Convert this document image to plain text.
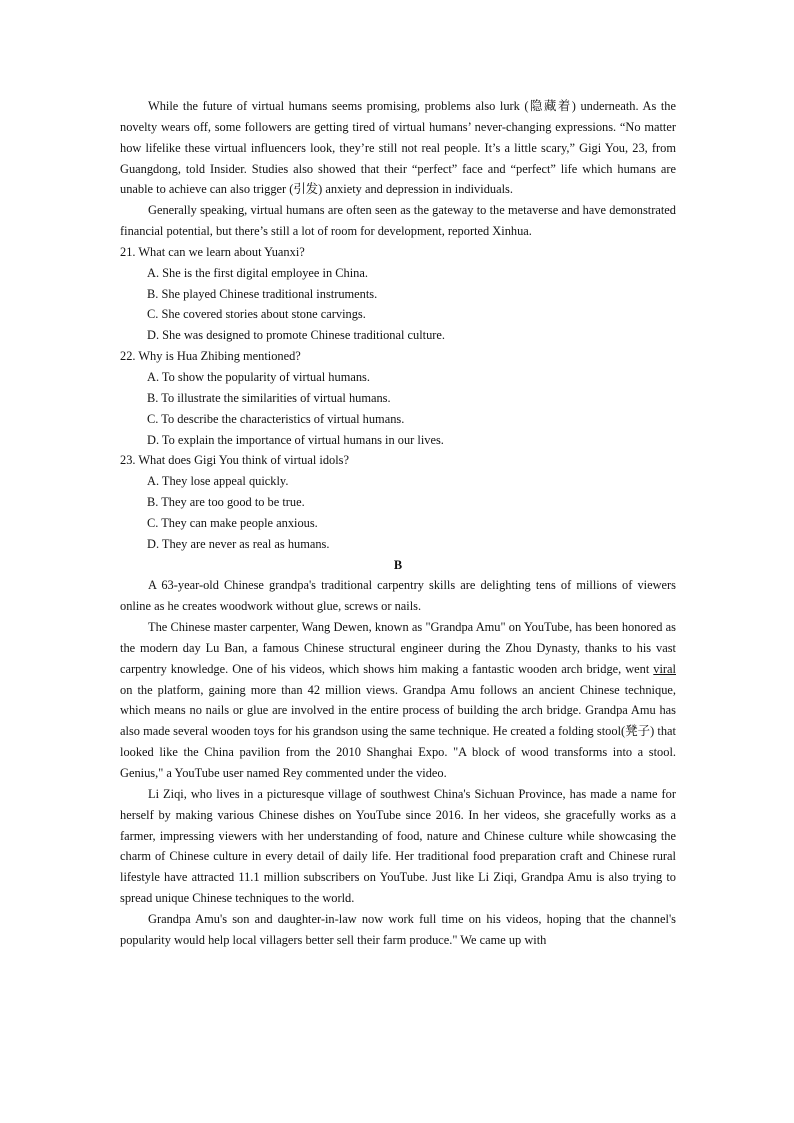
While the future of virtual humans seems promising, problems also lurk (隐藏着) underneath. As the novelty wears off, some followers are getting tired of virtual humans’ never-changing expressions. “No matter how lifelike these virtual influencers look, they’re still not real people. It’s a little scary,” Gigi You, 23, from Guangdong, told Insider. Studies also showed that their “perfect” face and “perfect” life which humans are unable to achieve can also trigger (引发) anxiety and depression in individuals.

Generally speaking, virtual humans are often seen as the gateway to the metaverse and have demonstrated financial potential, but there’s still a lot of room for development, reported Xinhua.

21. What can we learn about Yuanxi?

A. She is the first digital employee in China.

B. She played Chinese traditional instruments.

C. She covered stories about stone carvings.

D. She was designed to promote Chinese traditional culture.

22. Why is Hua Zhibing mentioned?

A. To show the popularity of virtual humans.

B. To illustrate the similarities of virtual humans.

C. To describe the characteristics of virtual humans.

D. To explain the importance of virtual humans in our lives.

23. What does Gigi You think of virtual idols?

A. They lose appeal quickly.

B. They are too good to be true.

C. They can make people anxious.

D. They are never as real as humans.

B

A 63-year-old Chinese grandpa's traditional carpentry skills are delighting tens of millions of viewers online as he creates woodwork without glue, screws or nails.

The Chinese master carpenter, Wang Dewen, known as "Grandpa Amu" on YouTube, has been honored as the modern day Lu Ban, a famous Chinese structural engineer during the Zhou Dynasty, thanks to his vast carpentry knowledge. One of his videos, which shows him making a fantastic wooden arch bridge, went viral on the platform, gaining more than 42 million views. Grandpa Amu follows an ancient Chinese technique, which means no nails or glue are involved in the entire process of building the arch bridge. Grandpa Amu has also made several wooden toys for his grandson using the same technique. He created a folding stool(凳子) that looked like the China pavilion from the 2010 Shanghai Expo. "A block of wood transforms into a stool. Genius," a YouTube user named Rey commented under the video.

Li Ziqi, who lives in a picturesque village of southwest China's Sichuan Province, has made a name for herself by making various Chinese dishes on YouTube since 2016. In her videos, she gracefully works as a farmer, impressing viewers with her understanding of food, nature and Chinese culture while showcasing the charm of Chinese culture in every detail of daily life. Her traditional food preparation craft and Chinese rural lifestyle have attracted 11.1 million subscribers on YouTube. Just like Li Ziqi, Grandpa Amu is also trying to spread unique Chinese techniques to the world.

Grandpa Amu's son and daughter-in-law now work full time on his videos, hoping that the channel's popularity would help local villagers better sell their farm produce." We came up with
